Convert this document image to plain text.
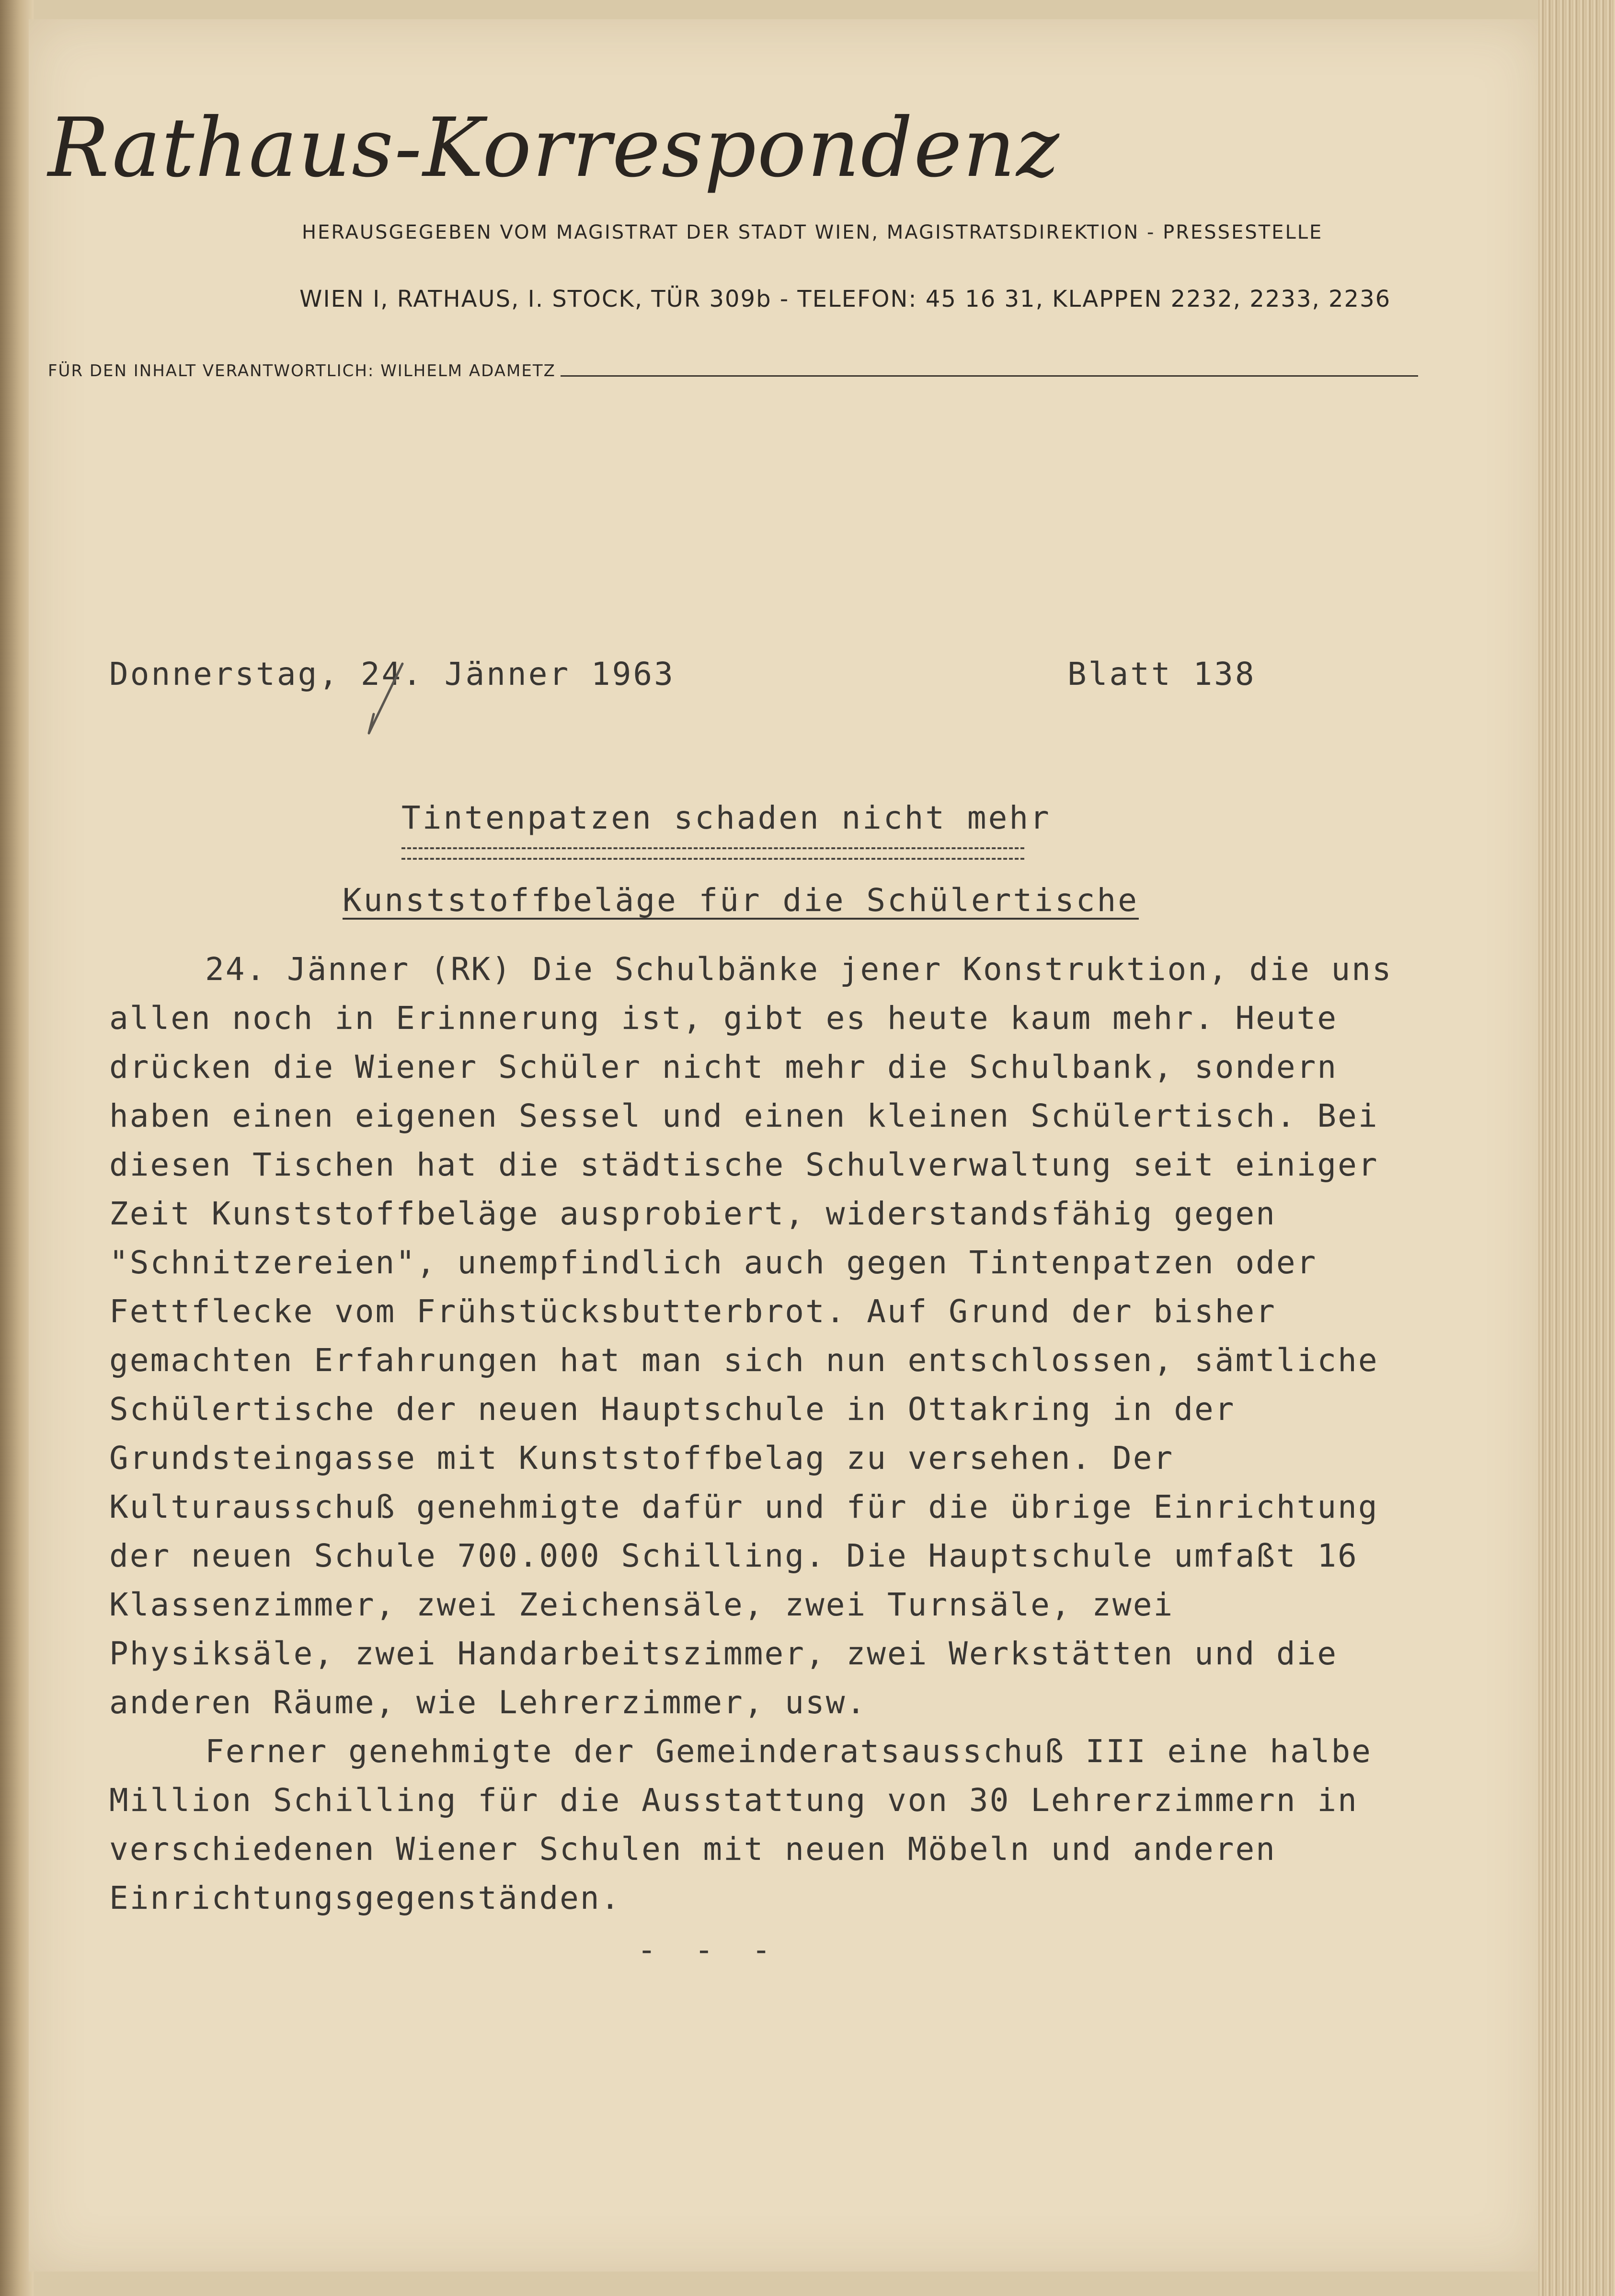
Rathaus-Korrespondenz
HERAUSGEGEBEN VOM MAGISTRAT DER STADT WIEN, MAGISTRATSDIREKTION - PRESSESTELLE
WIEN I, RATHAUS, I. STOCK, TÜR 309b - TELEFON: 45 16 31, KLAPPEN 2232, 2233, 2236
FÜR DEN INHALT VERANTWORTLICH: WILHELM ADAMETZ
Donnerstag, 24. Jänner 1963	Blatt 138
Tintenpatzen schaden nicht mehr
Kunststoffbeläge für die Schülertische

24. Jänner (RK) Die Schulbänke jener Konstruktion, die uns allen noch in Erinnerung ist, gibt es heute kaum mehr. Heute drücken die Wiener Schüler nicht mehr die Schulbank, sondern haben einen eigenen Sessel und einen kleinen Schülertisch. Bei diesen Tischen hat die städtische Schulverwaltung seit einiger Zeit Kunststoffbeläge ausprobiert, widerstandsfähig gegen "Schnitzereien", unempfindlich auch gegen Tintenpatzen oder Fettflecke vom Frühstücksbutterbrot. Auf Grund der bisher gemachten Erfahrungen hat man sich nun entschlossen, sämtliche Schülertische der neuen Hauptschule in Ottakring in der Grundsteingasse mit Kunststoffbelag zu versehen. Der Kulturausschuß genehmigte dafür und für die übrige Einrichtung der neuen Schule 700.000 Schilling. Die Hauptschule umfaßt 16 Klassenzimmer, zwei Zeichensäle, zwei Turnsäle, zwei Physiksäle, zwei Handarbeitszimmer, zwei Werkstätten und die anderen Räume, wie Lehrerzimmer, usw.

Ferner genehmigte der Gemeinderatsausschuß III eine halbe Million Schilling für die Ausstattung von 30 Lehrerzimmern in verschiedenen Wiener Schulen mit neuen Möbeln und anderen Einrichtungsgegenständen.

- - -
